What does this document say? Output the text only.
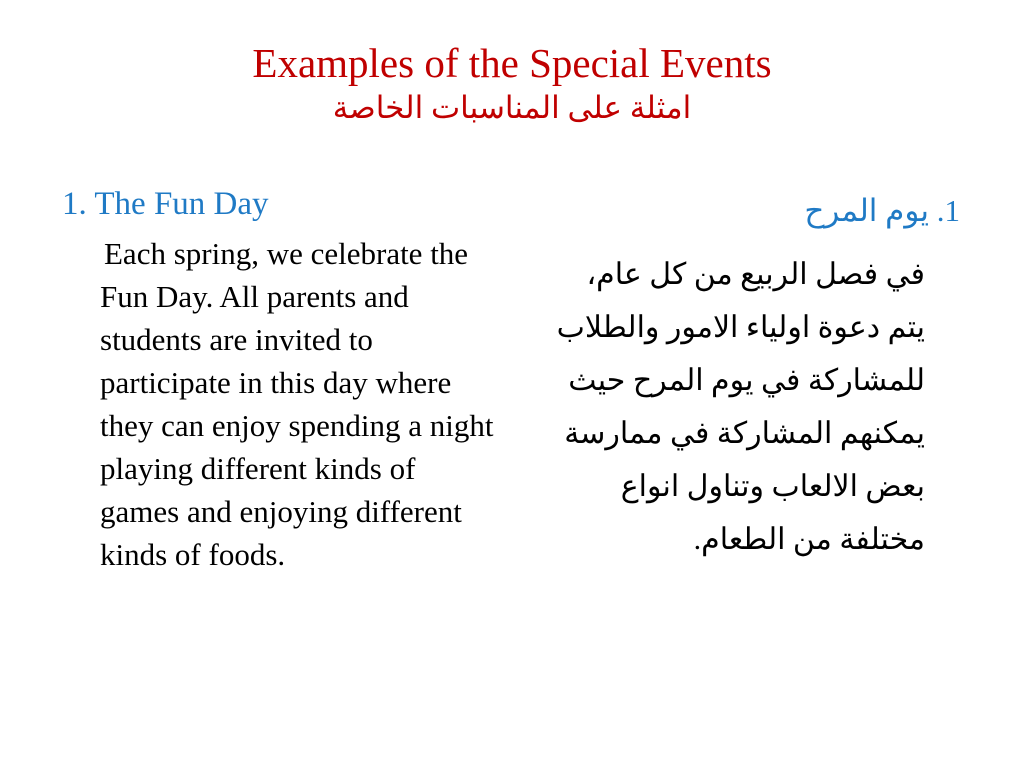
Examples of the Special Events
امثلة على المناسبات الخاصة
1. The Fun Day

Each spring, we celebrate the Fun Day. All parents and students are invited to participate in this day where they can enjoy spending a night playing different kinds of games and enjoying different kinds of foods.

1. يوم المرح

في فصل الربيع من كل عام، يتم دعوة اولياء الامور والطلاب للمشاركة في يوم المرح حيث يمكنهم المشاركة في ممارسة بعض الالعاب وتناول انواع مختلفة من الطعام.
